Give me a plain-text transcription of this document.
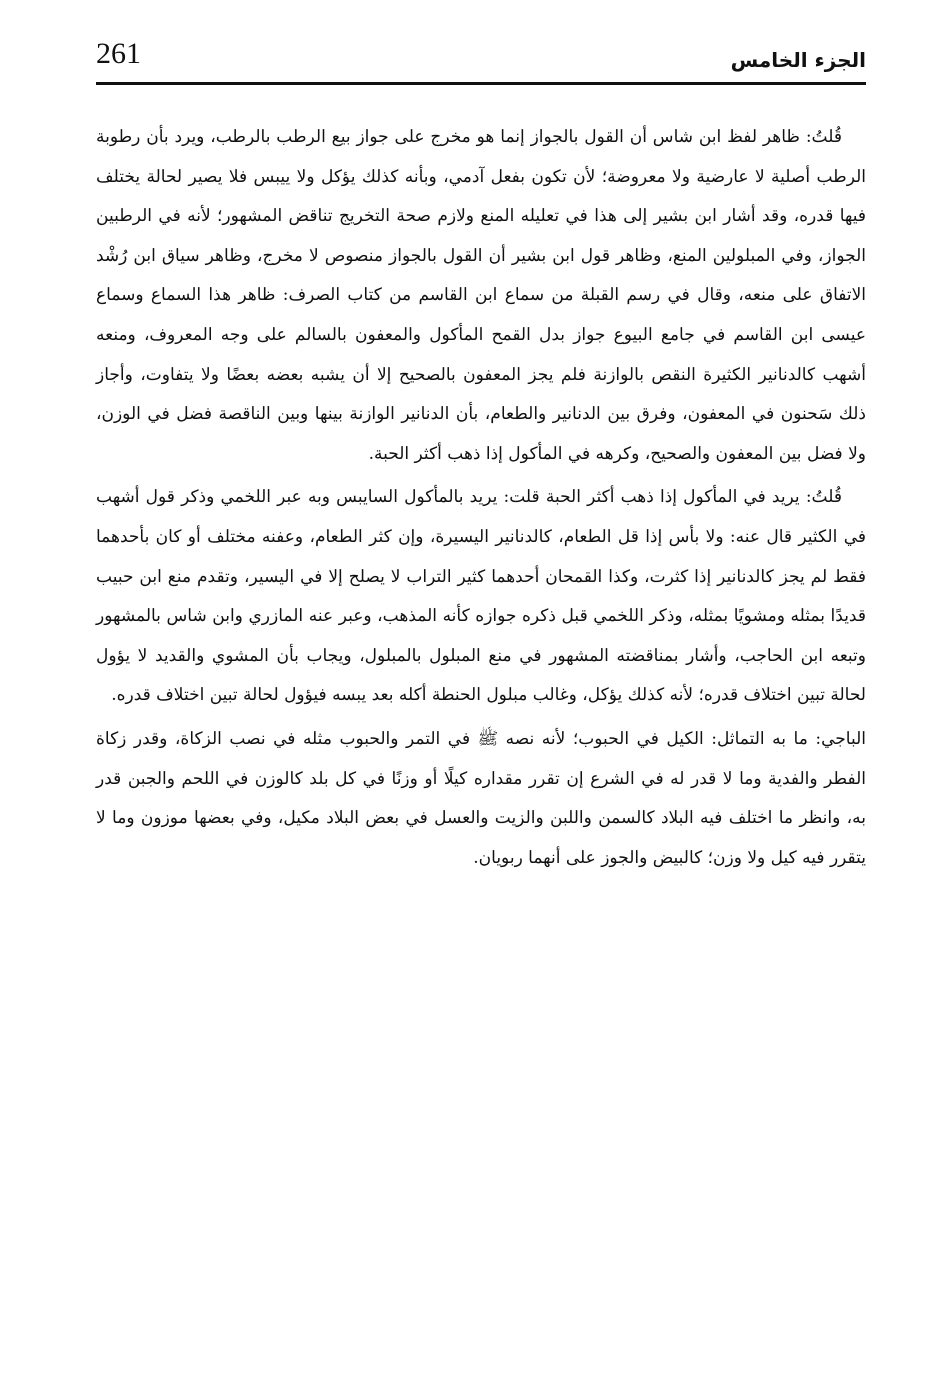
261	الجزء الخامس

قُلتُ: ظاهر لفظ ابن شاس أن القول بالجواز إنما هو مخرج على جواز بيع الرطب بالرطب، ويرد بأن رطوبة الرطب أصلية لا عارضية ولا معروضة؛ لأن تكون بفعل آدمي، وبأنه كذلك يؤكل ولا ييبس فلا يصير لحالة يختلف فيها قدره، وقد أشار ابن بشير إلى هذا في تعليله المنع ولازم صحة التخريج تناقض المشهور؛ لأنه في الرطبين الجواز، وفي المبلولين المنع، وظاهر قول ابن بشير أن القول بالجواز منصوص لا مخرج، وظاهر سياق ابن رُشْد الاتفاق على منعه، وقال في رسم القبلة من سماع ابن القاسم من كتاب الصرف: ظاهر هذا السماع وسماع عيسى ابن القاسم في جامع البيوع جواز بدل القمح المأكول والمعفون بالسالم على وجه المعروف، ومنعه أشهب كالدنانير الكثيرة النقص بالوازنة فلم يجز المعفون بالصحيح إلا أن يشبه بعضه بعضًا ولا يتفاوت، وأجاز ذلك سَحنون في المعفون، وفرق بين الدنانير والطعام، بأن الدنانير الوازنة بينها وبين الناقصة فضل في الوزن، ولا فضل بين المعفون والصحيح، وكرهه في المأكول إذا ذهب أكثر الحبة.

قُلتُ: يريد في المأكول إذا ذهب أكثر الحبة قلت: يريد بالمأكول السايبس وبه عبر اللخمي وذكر قول أشهب في الكثير قال عنه: ولا بأس إذا قل الطعام، كالدنانير اليسيرة، وإن كثر الطعام، وعفنه مختلف أو كان بأحدهما فقط لم يجز كالدنانير إذا كثرت، وكذا القمحان أحدهما كثير التراب لا يصلح إلا في اليسير، وتقدم منع ابن حبيب قديدًا بمثله ومشويًا بمثله، وذكر اللخمي قبل ذكره جوازه كأنه المذهب، وعبر عنه المازري وابن شاس بالمشهور وتبعه ابن الحاجب، وأشار بمناقضته المشهور في منع المبلول بالمبلول، ويجاب بأن المشوي والقديد لا يؤول لحالة تبين اختلاف قدره؛ لأنه كذلك يؤكل، وغالب مبلول الحنطة أكله بعد يبسه فيؤول لحالة تبين اختلاف قدره.

الباجي: ما به التماثل: الكيل في الحبوب؛ لأنه نصه ﷺ في التمر والحبوب مثله في نصب الزكاة، وقدر زكاة الفطر والفدية وما لا قدر له في الشرع إن تقرر مقداره كيلًا أو وزنًا في كل بلد كالوزن في اللحم والجبن قدر به، وانظر ما اختلف فيه البلاد كالسمن واللبن والزيت والعسل في بعض البلاد مكيل، وفي بعضها موزون وما لا يتقرر فيه كيل ولا وزن؛ كالبيض والجوز على أنهما ربويان.
